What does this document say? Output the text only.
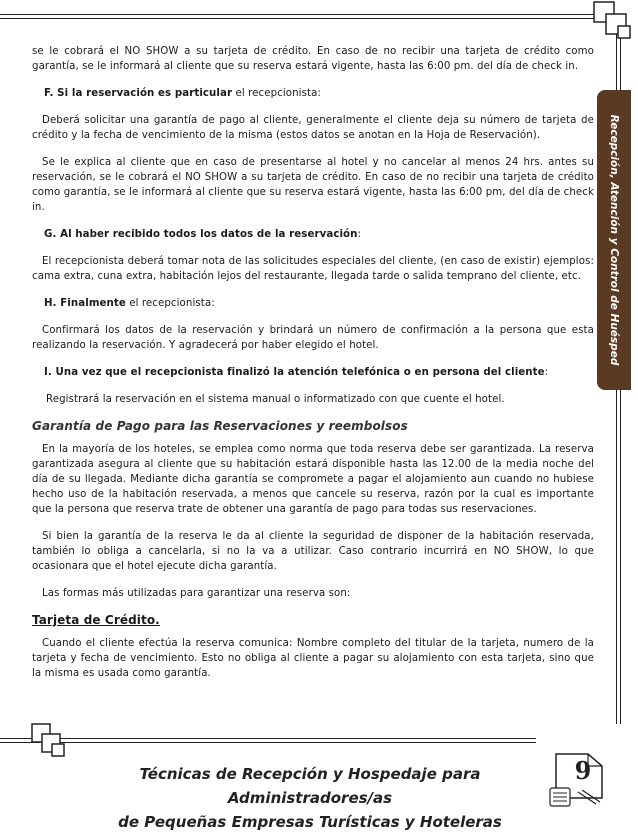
Recepción, Atención y Control de Huésped

se le cobrará el NO SHOW a su tarjeta de crédito. En caso de no recibir una tarjeta de crédito como garantía, se le informará al cliente que su reserva estará vigente, hasta las 6:00 pm. del día de check in.

F. Si la reservación es particular el recepcionista:

Deberá solicitar una garantía de pago al cliente, generalmente el cliente deja su número de tarjeta de crédito y la fecha de vencimiento de la misma (estos datos se anotan en la Hoja de Reservación).

Se le explica al cliente que en caso de presentarse al hotel y no cancelar al menos 24 hrs. antes su reservación, se le cobrará el NO SHOW a su tarjeta de crédito. En caso de no recibir una tarjeta de crédito como garantía, se le informará al cliente que su reserva estará vigente, hasta las 6:00 pm, del día de check in.

G. Al haber recibido todos los datos de la reservación:

El recepcionista deberá tomar nota de las solicitudes especiales del cliente, (en caso de existir) ejemplos: cama extra, cuna extra, habitación lejos del restaurante, llegada tarde o salida temprano del cliente, etc.

H. Finalmente el recepcionista:

Confirmará los datos de la reservación y brindará un número de confirmación a la persona que esta realizando la reservación. Y agradecerá por haber elegido el hotel.

I. Una vez que el recepcionista finalizó la atención telefónica o en persona del cliente:

Registrará la reservación en el sistema manual o informatizado con que cuente el hotel.

Garantía de Pago para las Reservaciones y reembolsos

En la mayoría de los hoteles, se emplea como norma que toda reserva debe ser garantizada. La reserva garantizada asegura al cliente que su habitación estará disponible hasta las 12.00 de la media noche del día de su llegada. Mediante dicha garantía se compromete a pagar el alojamiento aun cuando no hubiese hecho uso de la habitación reservada, a menos que cancele su reserva, razón por la cual es importante que la persona que reserva trate de obtener una garantía de pago para todas sus reservaciones.

Si bien la garantía de la reserva le da al cliente la seguridad de disponer de la habitación reservada, también lo obliga a cancelarla, si no la va a utilizar. Caso contrario incurrirá en NO SHOW, lo que ocasionara que el hotel ejecute dicha garantía.

Las formas más utilizadas para garantizar una reserva son:

Tarjeta de Crédito.

Cuando el cliente efectúa la reserva comunica: Nombre completo del titular de la tarjeta, numero de la tarjeta y fecha de vencimiento. Esto no obliga al cliente a pagar su alojamiento con esta tarjeta, sino que la misma es usada como garantía.

Técnicas de Recepción y Hospedaje para Administradores/as
de Pequeñas Empresas Turísticas y Hoteleras
9
